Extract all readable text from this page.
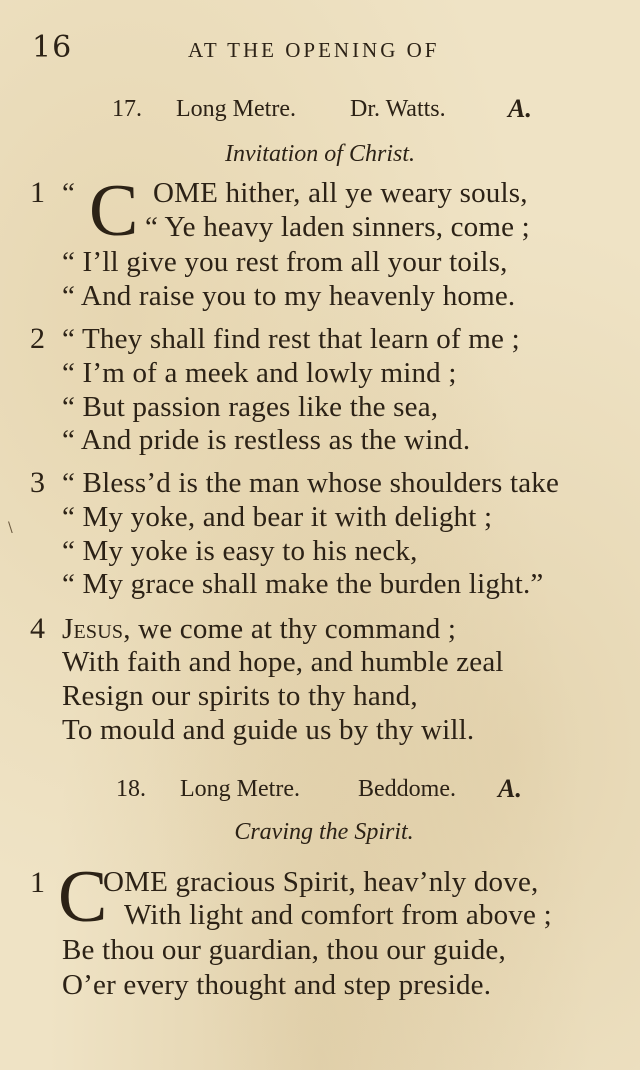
16	AT THE OPENING OF
17. Long Metre. Dr. Watts. A.
Invitation of Christ.
1 “ C OME hither, all ye weary souls,
“ Ye heavy laden sinners, come ;
“ I’ll give you rest from all your toils,
“ And raise you to my heavenly home.
2 “ They shall find rest that learn of me ;
“ I’m of a meek and lowly mind ;
“ But passion rages like the sea,
“ And pride is restless as the wind.
3 “ Bless’d is the man whose shoulders take
“ My yoke, and bear it with delight ;
“ My yoke is easy to his neck,
“ My grace shall make the burden light.”
4 Jesus, we come at thy command ;
With faith and hope, and humble zeal
Resign our spirits to thy hand,
To mould and guide us by thy will.
18. Long Metre. Beddome. A.
Craving the Spirit.
1 C
OME gracious Spirit, heav’nly dove,
With light and comfort from above ;
Be thou our guardian, thou our guide,
O’er every thought and step preside.
\
